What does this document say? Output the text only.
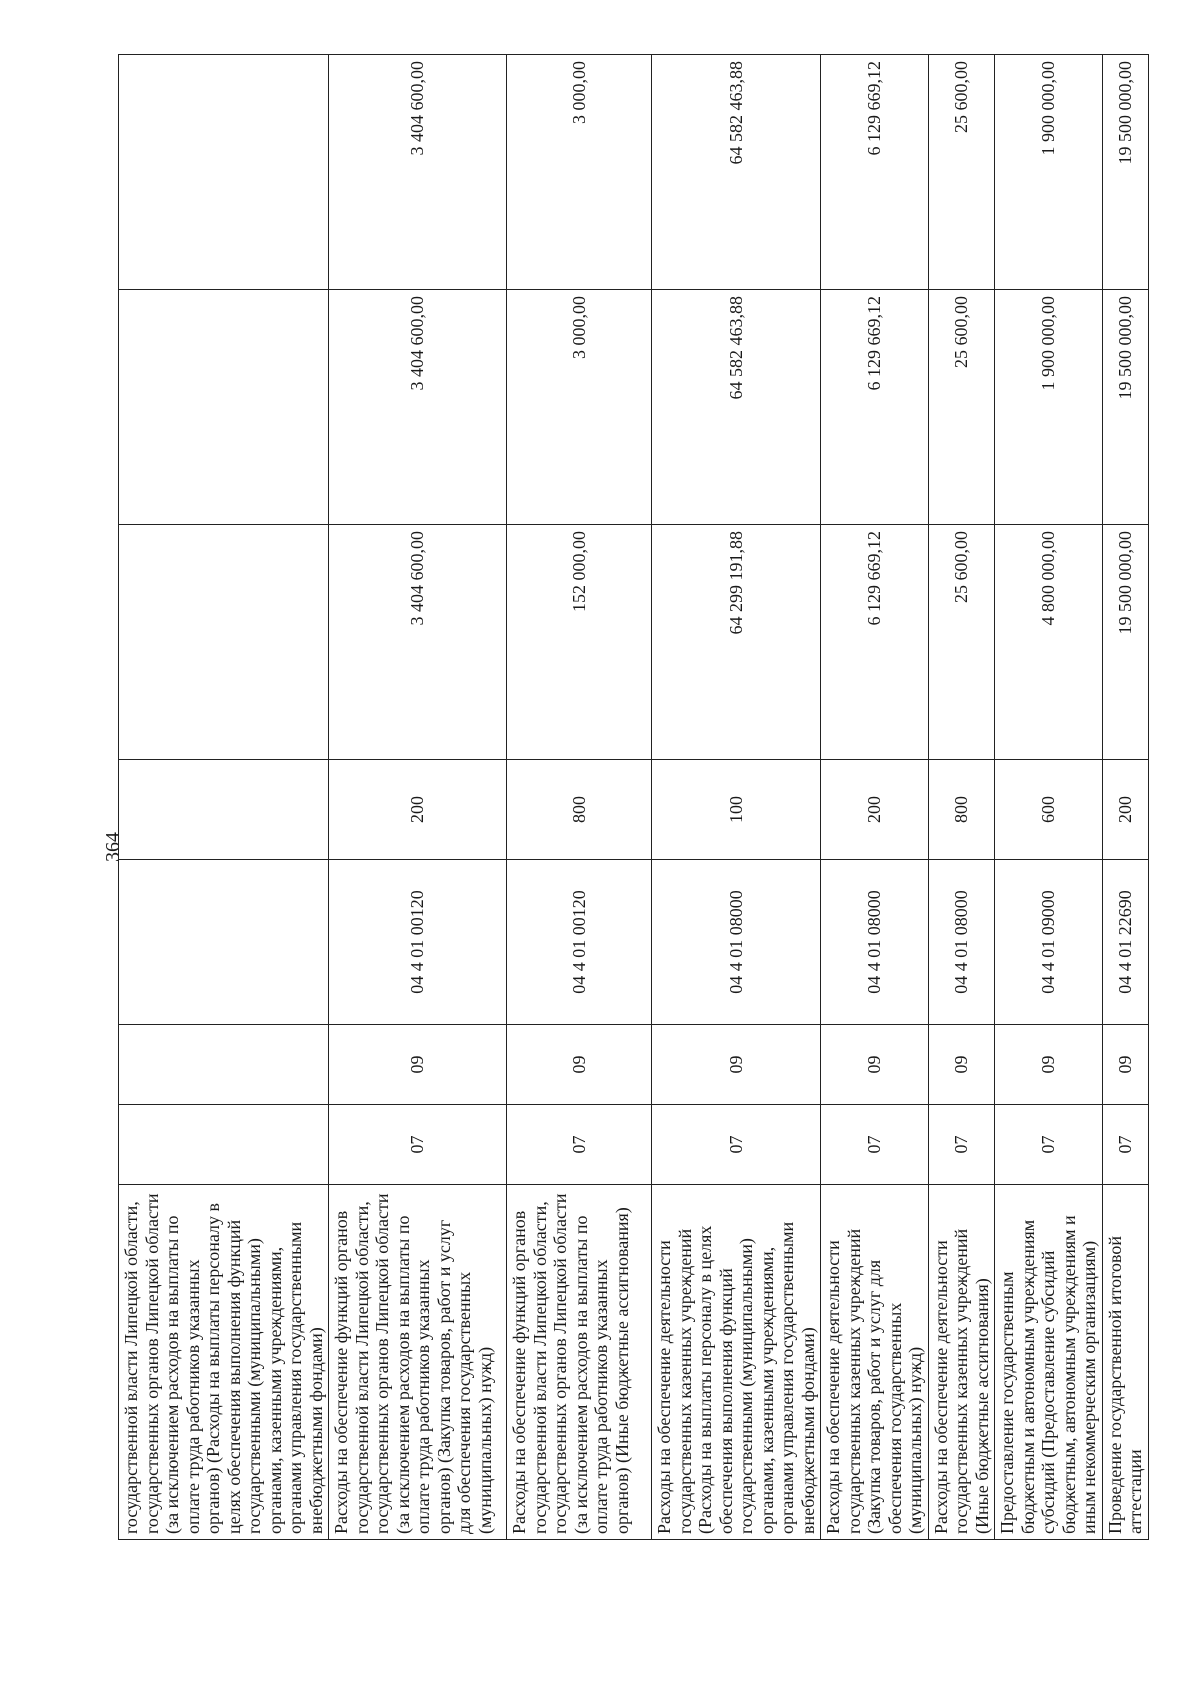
364
государственной власти Липецкой области, государственных органов Липецкой области (за исключением расходов на выплаты по оплате труда работников указанных органов) (Расходы на выплаты персоналу в целях обеспечения выполнения функций государственными (муниципальными) органами, казенными учреждениями, органами управления государственными внебюджетными фондами)							
Расходы на обеспечение функций органов государственной власти Липецкой области, государственных органов Липецкой области (за исключением расходов на выплаты по оплате труда работников указанных органов) (Закупка товаров, работ и услуг для обеспечения государственных (муниципальных) нужд)	07	09	04 4 01 00120	200	3 404 600,00	3 404 600,00	3 404 600,00
Расходы на обеспечение функций органов государственной власти Липецкой области, государственных органов Липецкой области (за исключением расходов на выплаты по оплате труда работников указанных органов) (Иные бюджетные ассигнования)	07	09	04 4 01 00120	800	152 000,00	3 000,00	3 000,00
Расходы на обеспечение деятельности государственных казенных учреждений (Расходы на выплаты персоналу в целях обеспечения выполнения функций государственными (муниципальными) органами, казенными учреждениями, органами управления государственными внебюджетными фондами)	07	09	04 4 01 08000	100	64 299 191,88	64 582 463,88	64 582 463,88
Расходы на обеспечение деятельности государственных казенных учреждений (Закупка товаров, работ и услуг для обеспечения государственных (муниципальных) нужд)	07	09	04 4 01 08000	200	6 129 669,12	6 129 669,12	6 129 669,12
Расходы на обеспечение деятельности государственных казенных учреждений (Иные бюджетные ассигнования)	07	09	04 4 01 08000	800	25 600,00	25 600,00	25 600,00
Предоставление государственным бюджетным и автономным учреждениям субсидий (Предоставление субсидий бюджетным, автономным учреждениям и иным некоммерческим организациям)	07	09	04 4 01 09000	600	4 800 000,00	1 900 000,00	1 900 000,00
Проведение государственной итоговой аттестации	07	09	04 4 01 22690	200	19 500 000,00	19 500 000,00	19 500 000,00
